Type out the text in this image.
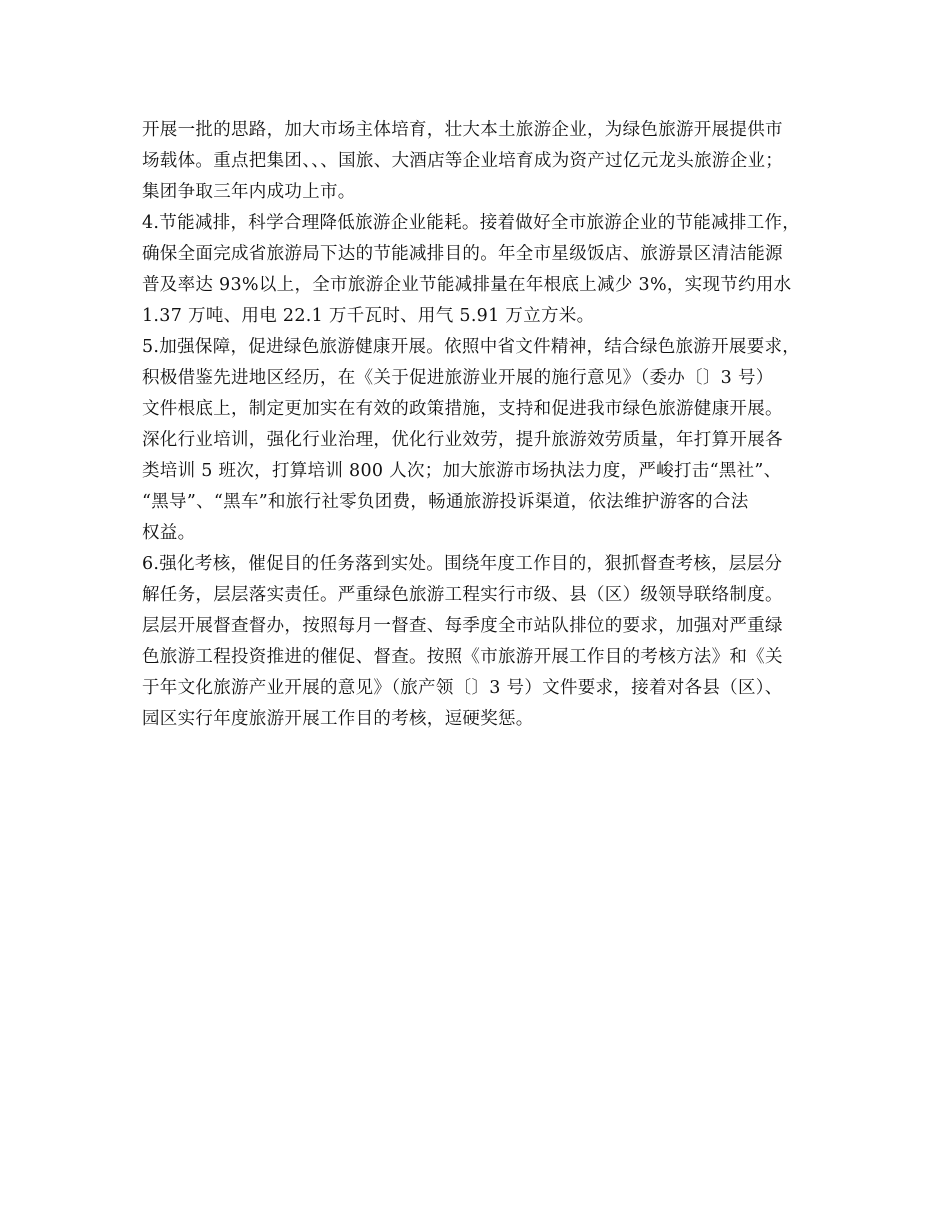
开展一批的思路，加大市场主体培育，壮大本土旅游企业，为绿色旅游开展提供市
场载体。重点把集团、、、国旅、大酒店等企业培育成为资产过亿元龙头旅游企业；
集团争取三年内成功上市。
4.节能减排，科学合理降低旅游企业能耗。接着做好全市旅游企业的节能减排工作，
确保全面完成省旅游局下达的节能减排目的。年全市星级饭店、旅游景区清洁能源
普及率达 93%以上，全市旅游企业节能减排量在年根底上减少 3%，实现节约用水
1.37 万吨、用电 22.1 万千瓦时、用气 5.91 万立方米。
5.加强保障，促进绿色旅游健康开展。依照中省文件精神，结合绿色旅游开展要求，
积极借鉴先进地区经历，在《关于促进旅游业开展的施行意见》（委办〔〕3 号）
文件根底上，制定更加实在有效的政策措施，支持和促进我市绿色旅游健康开展。
深化行业培训，强化行业治理，优化行业效劳，提升旅游效劳质量，年打算开展各
类培训 5 班次，打算培训 800 人次；加大旅游市场执法力度，严峻打击“黑社”、
“黑导”、“黑车”和旅行社零负团费，畅通旅游投诉渠道，依法维护游客的合法
权益。
6.强化考核，催促目的任务落到实处。围绕年度工作目的，狠抓督查考核，层层分
解任务，层层落实责任。严重绿色旅游工程实行市级、县（区）级领导联络制度。
层层开展督查督办，按照每月一督查、每季度全市站队排位的要求，加强对严重绿
色旅游工程投资推进的催促、督查。按照《市旅游开展工作目的考核方法》和《关
于年文化旅游产业开展的意见》（旅产领〔〕3 号）文件要求，接着对各县（区）、
园区实行年度旅游开展工作目的考核，逗硬奖惩。
